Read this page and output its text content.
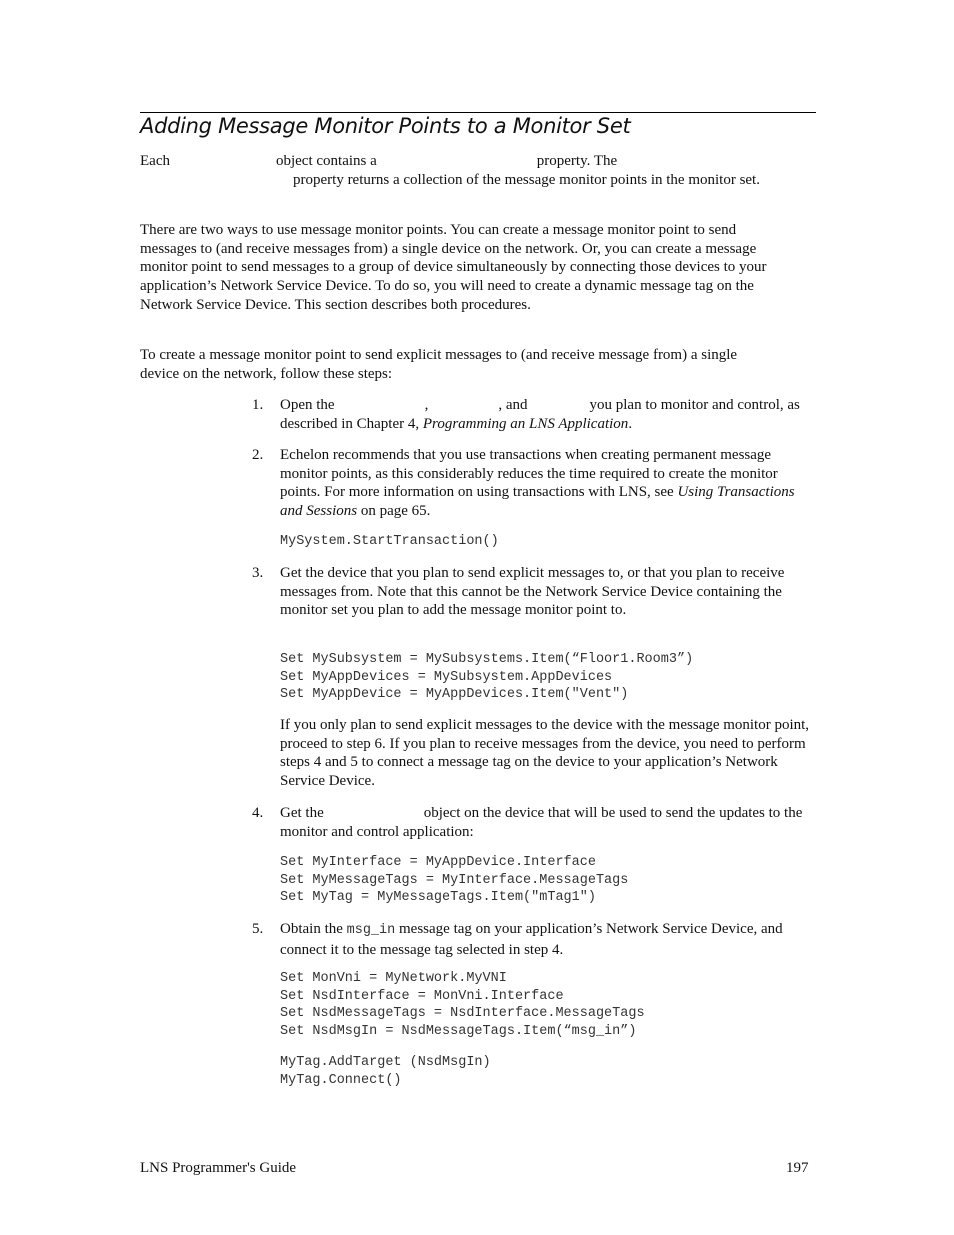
Adding Message Monitor Points to a Monitor Set

Each	object contains a	property. The
property returns a collection of the message monitor points in the monitor set.

There are two ways to use message monitor points. You can create a message monitor point to send messages to (and receive messages from) a single device on the network. Or, you can create a message monitor point to send messages to a group of device simultaneously by connecting those devices to your application’s Network Service Device. To do so, you will need to create a dynamic message tag on the Network Service Device. This section describes both procedures.

To create a message monitor point to send explicit messages to (and receive message from) a single device on the network, follow these steps:

1. Open the	,	, and	you plan to monitor and control, as described in Chapter 4, Programming an LNS Application.

2. Echelon recommends that you use transactions when creating permanent message monitor points, as this considerably reduces the time required to create the monitor points. For more information on using transactions with LNS, see Using Transactions and Sessions on page 65.

MySystem.StartTransaction()
3. Get the device that you plan to send explicit messages to, or that you plan to receive messages from. Note that this cannot be the Network Service Device containing the monitor set you plan to add the message monitor point to.

Set MySubsystem = MySubsystems.Item(“Floor1.Room3”)
Set MyAppDevices = MySubsystem.AppDevices
Set MyAppDevice = MyAppDevices.Item("Vent")

If you only plan to send explicit messages to the device with the message monitor point, proceed to step 6. If you plan to receive messages from the device, you need to perform steps 4 and 5 to connect a message tag on the device to your application’s Network Service Device.

4. Get the	object on the device that will be used to send the updates to the monitor and control application:

Set MyInterface = MyAppDevice.Interface
Set MyMessageTags = MyInterface.MessageTags
Set MyTag = MyMessageTags.Item("mTag1")
5. Obtain the msg_in message tag on your application’s Network Service Device, and connect it to the message tag selected in step 4.

Set MonVni = MyNetwork.MyVNI
Set NsdInterface = MonVni.Interface
Set NsdMessageTags = NsdInterface.MessageTags
Set NsdMsgIn = NsdMessageTags.Item(“msg_in”)
MyTag.AddTarget (NsdMsgIn)
MyTag.Connect()
LNS Programmer's Guide	197
